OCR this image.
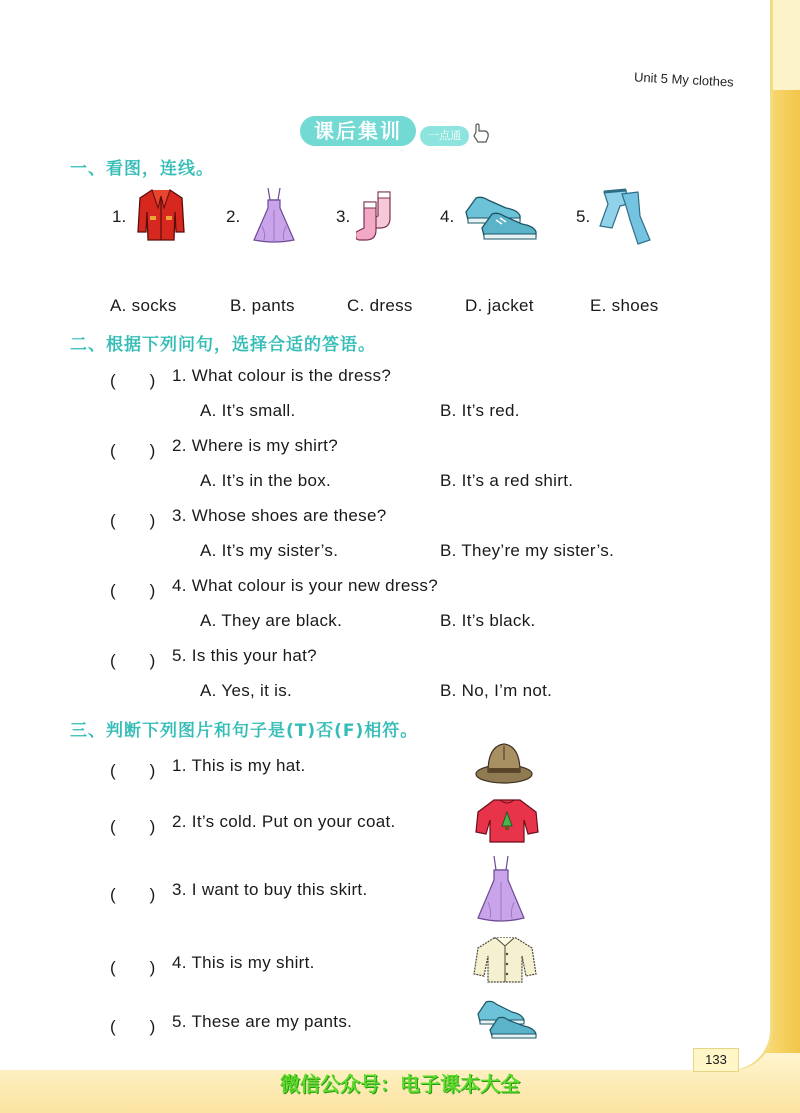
Unit 5 My clothes
课后集训	一点通
一、看图，连线。
1.	2.	3.	4.	5.
A. socks	B. pants	C. dress	D. jacket	E. shoes
二、根据下列问句，选择合适的答语。
(　　) 1. What colour is the dress?
A. It’s small.	B. It’s red.
(　　) 2. Where is my shirt?
A. It’s in the box.	B. It’s a red shirt.
(　　) 3. Whose shoes are these?
A. It’s my sister’s.	B. They’re my sister’s.
(　　) 4. What colour is your new dress?
A. They are black.	B. It’s black.
(　　) 5. Is this your hat?
A. Yes, it is.	B. No, I’m not.
三、判断下列图片和句子是(T)否(F)相符。
(　　) 1. This is my hat.
(　　) 2. It’s cold. Put on your coat.
(　　) 3. I want to buy this skirt.
(　　) 4. This is my shirt.
(　　) 5. These are my pants.
133
微信公众号：电子课本大全
